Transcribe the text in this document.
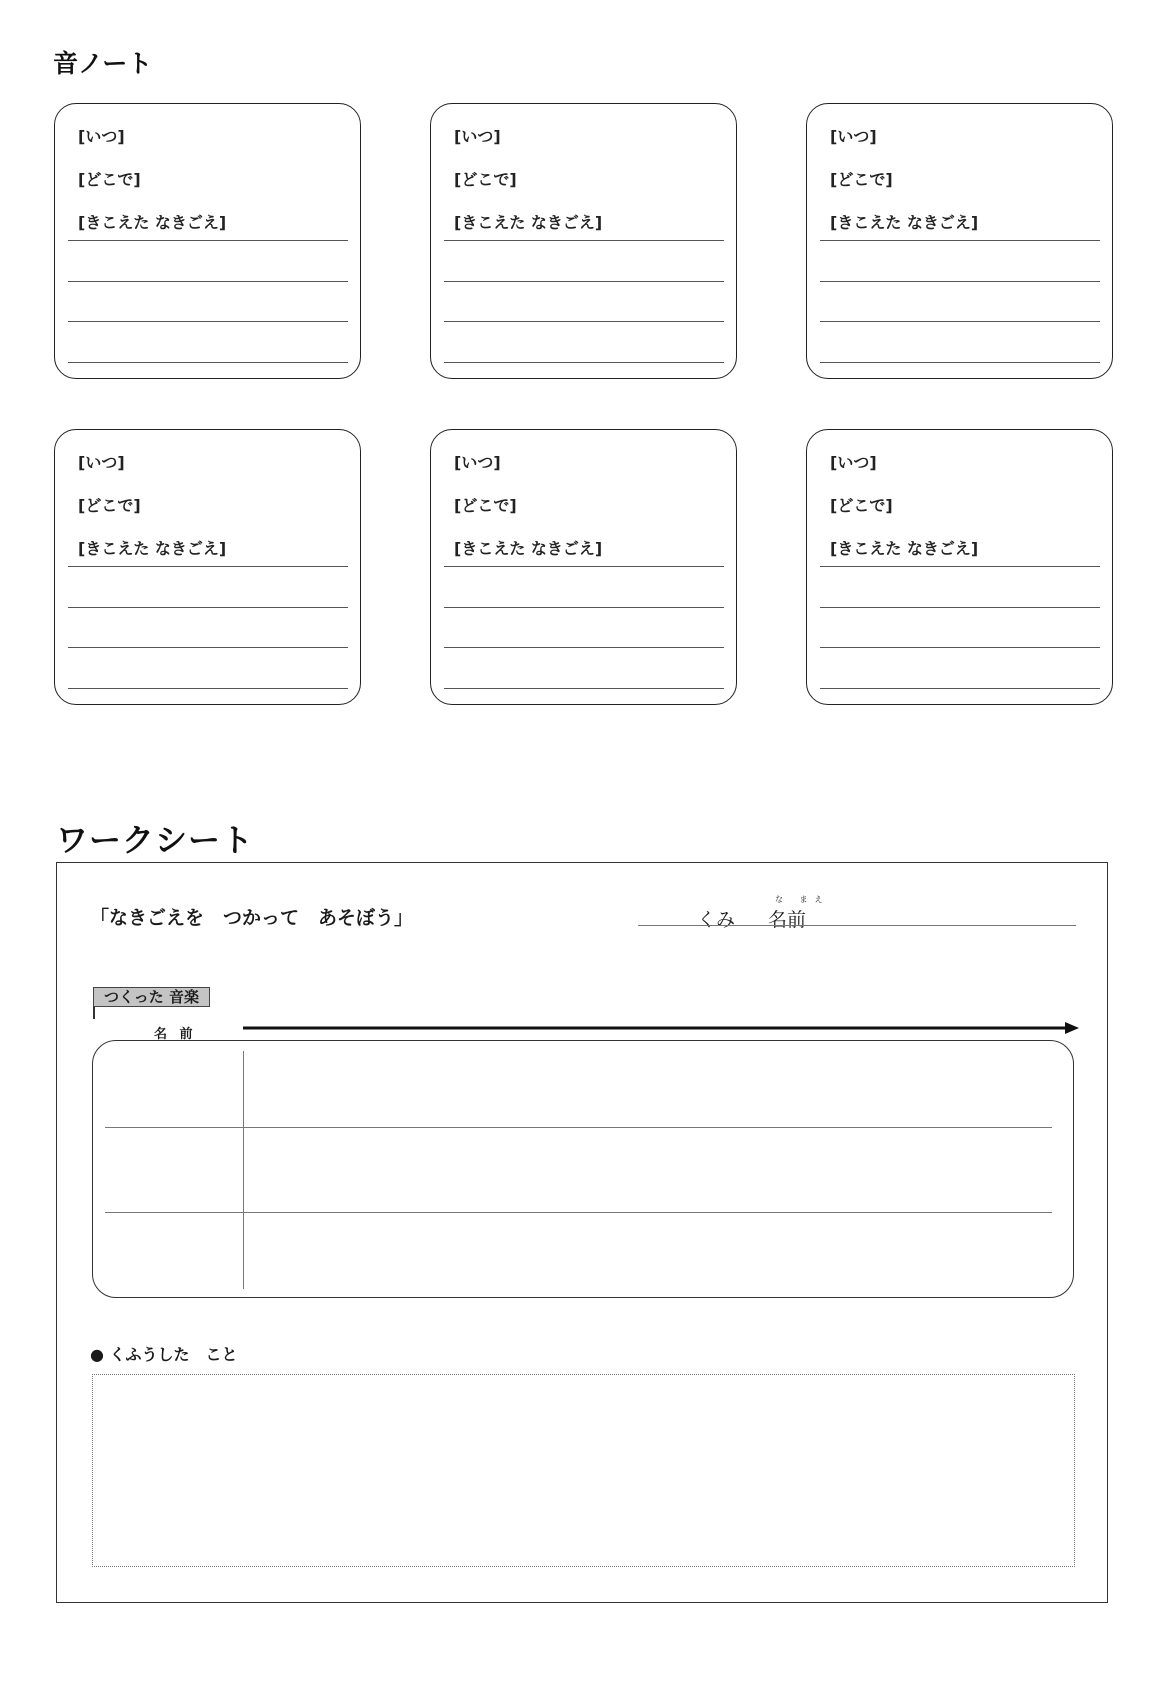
音ノート
[いつ]
[どこで]
[きこえた なきごえ]
[いつ]
[どこで]
[きこえた なきごえ]
[いつ]
[どこで]
[きこえた なきごえ]
[いつ]
[どこで]
[きこえた なきごえ]
[いつ]
[どこで]
[きこえた なきごえ]
[いつ]
[どこで]
[きこえた なきごえ]
ワークシート
「なきごえを　つかって　あそぼう」	くみ
な まえ
名前
つくった 音楽
名 前
● くふうした　こと
